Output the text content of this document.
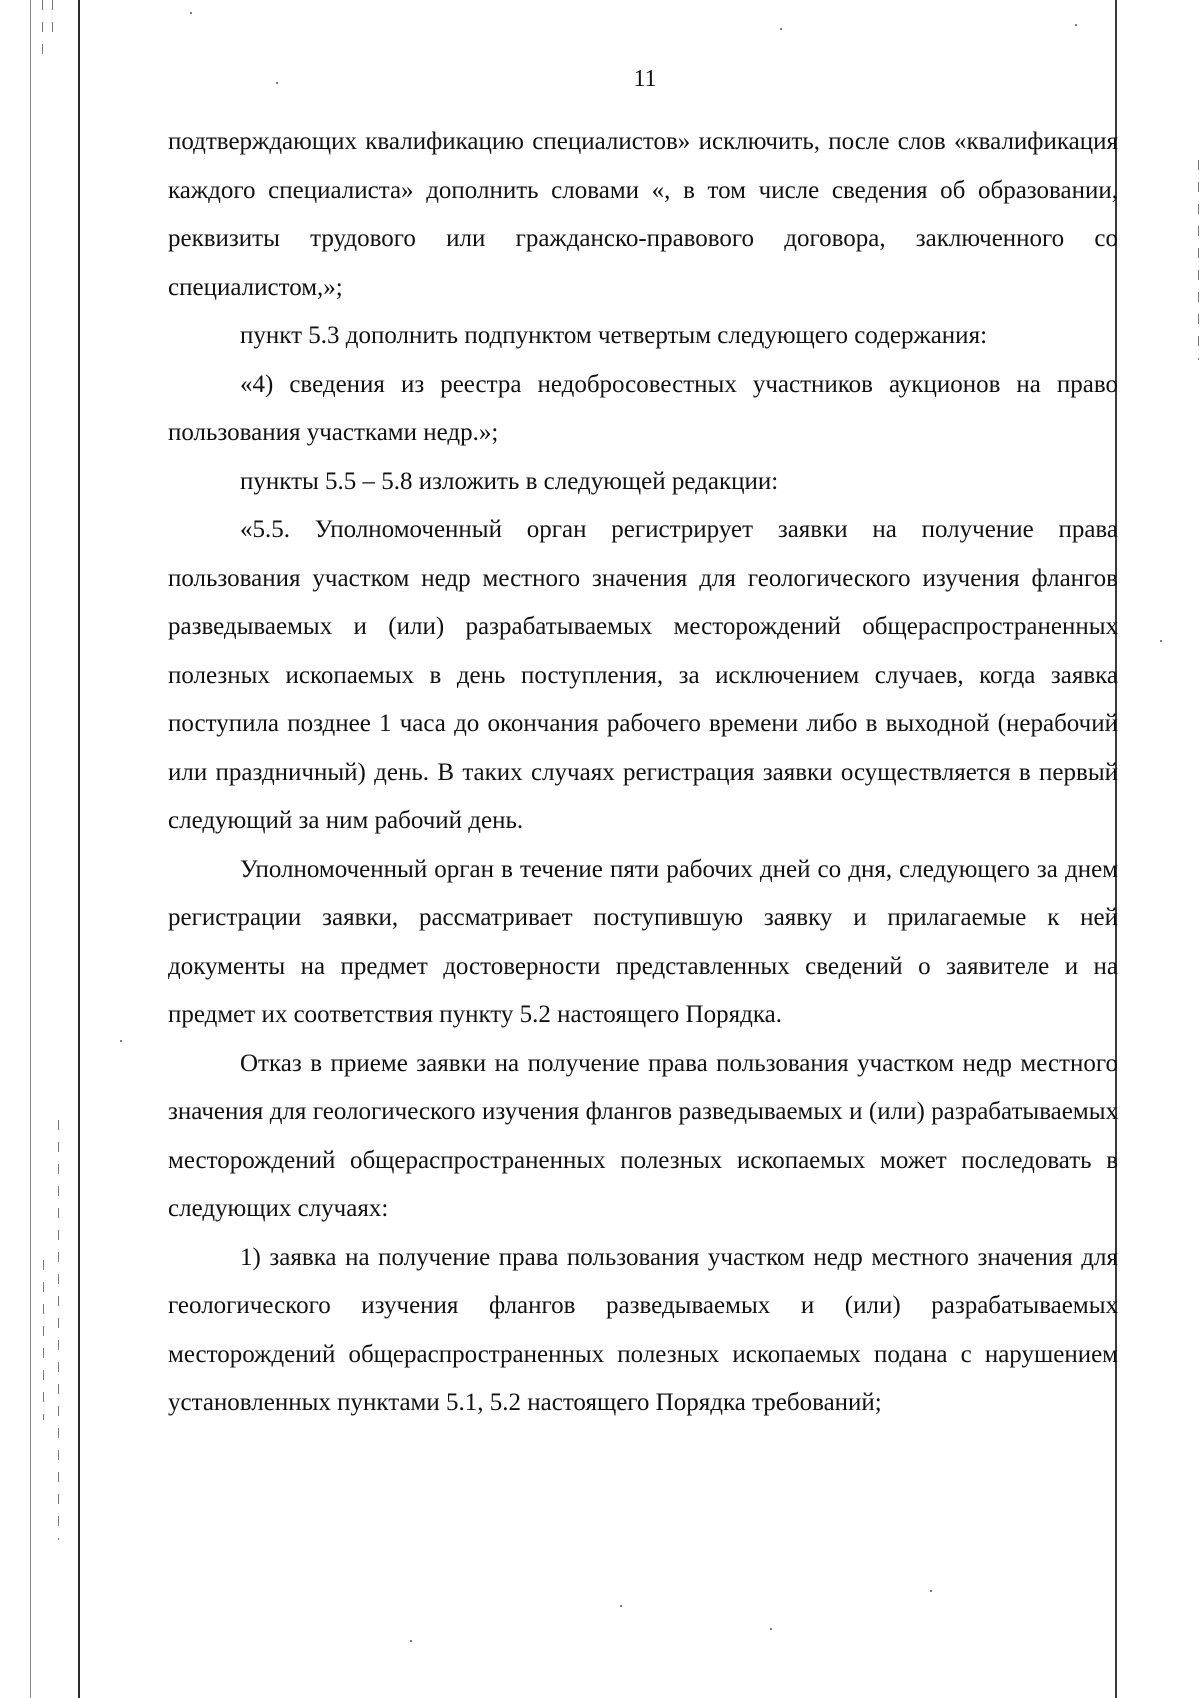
11

подтверждающих квалификацию специалистов» исключить, после слов «квалификация каждого специалиста» дополнить словами «, в том числе сведения об образовании, реквизиты трудового или гражданско-правового договора, заключенного со специалистом,»;

пункт 5.3 дополнить подпунктом четвертым следующего содержания:

«4) сведения из реестра недобросовестных участников аукционов на право пользования участками недр.»;

пункты 5.5 – 5.8 изложить в следующей редакции:

«5.5. Уполномоченный орган регистрирует заявки на получение права пользования участком недр местного значения для геологического изучения флангов разведываемых и (или) разрабатываемых месторождений общераспространенных полезных ископаемых в день поступления, за исключением случаев, когда заявка поступила позднее 1 часа до окончания рабочего времени либо в выходной (нерабочий или праздничный) день. В таких случаях регистрация заявки осуществляется в первый следующий за ним рабочий день.

Уполномоченный орган в течение пяти рабочих дней со дня, следующего за днем регистрации заявки, рассматривает поступившую заявку и прилагаемые к ней документы на предмет достоверности представленных сведений о заявителе и на предмет их соответствия пункту 5.2 настоящего Порядка.

Отказ в приеме заявки на получение права пользования участком недр местного значения для геологического изучения флангов разведываемых и (или) разрабатываемых месторождений общераспространенных полезных ископаемых может последовать в следующих случаях:

1) заявка на получение права пользования участком недр местного значения для геологического изучения флангов разведываемых и (или) разрабатываемых месторождений общераспространенных полезных ископаемых подана с нарушением установленных пунктами 5.1, 5.2 настоящего Порядка требований;
